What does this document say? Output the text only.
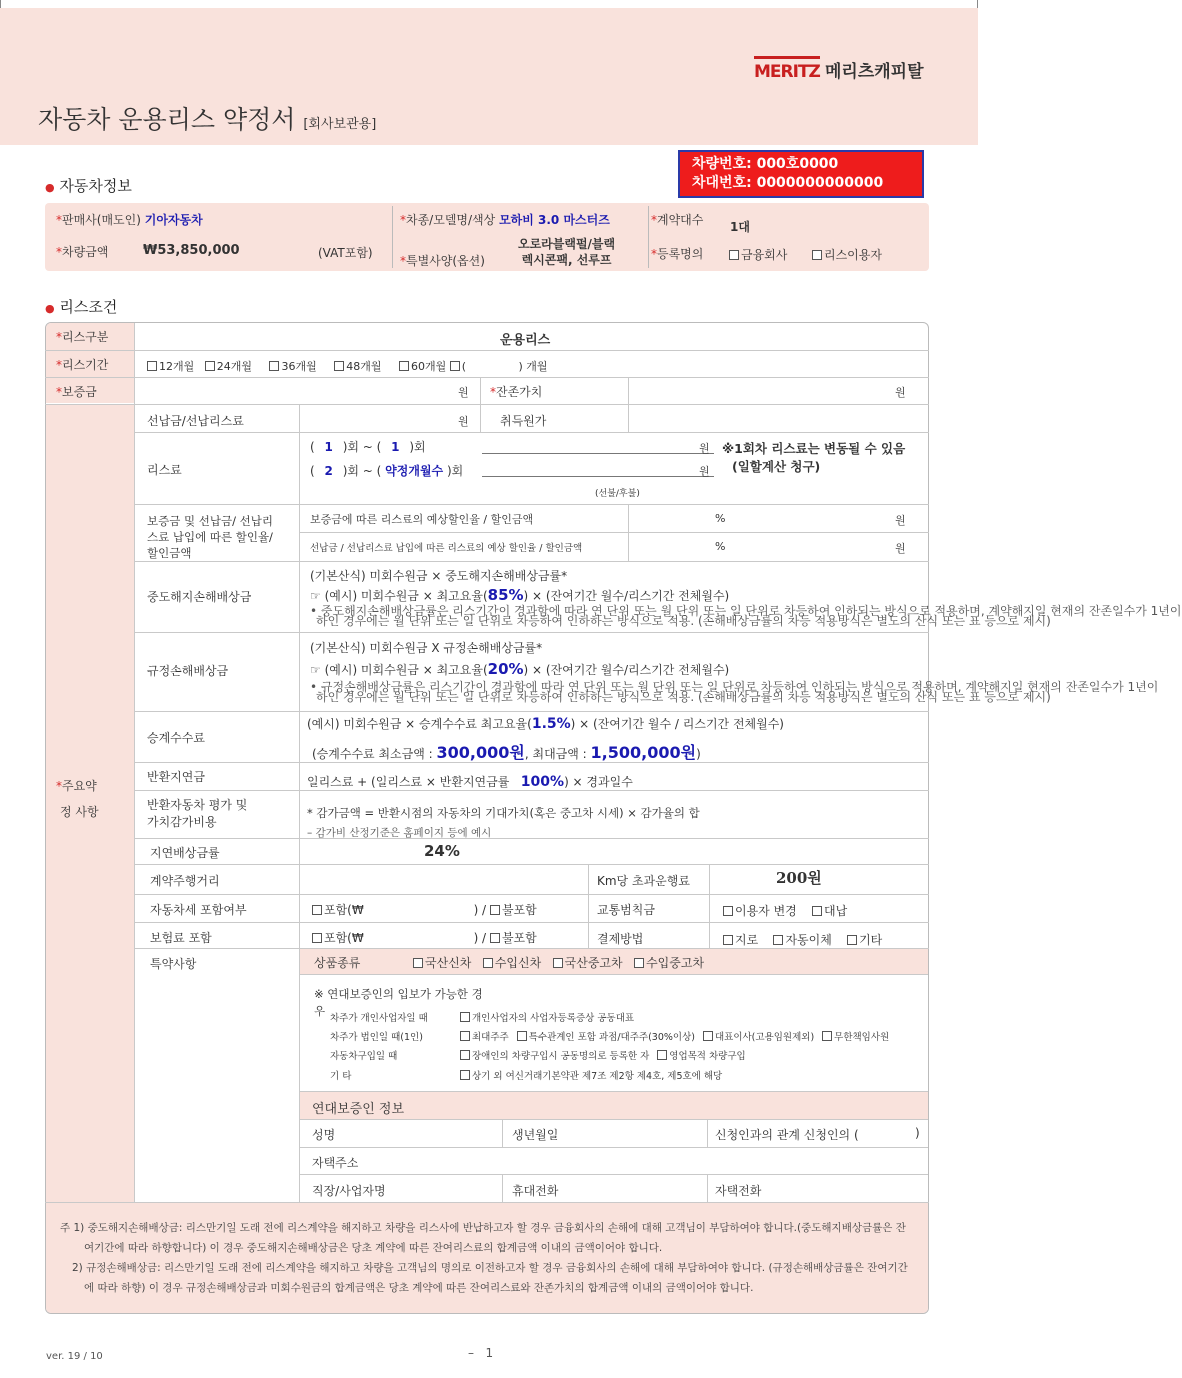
MERITZ 메리츠캐피탈
자동차 운용리스 약정서 [회사보관용]
차량번호: 000호0000
차대번호: 0000000000000
● 자동차정보
*판매사(매도인) 기아자동차
*차량금액	₩53,850,000	(VAT포함)
*차종/모델명/색상 모하비 3.0 마스터즈
*특별사양(옵션)
오로라블랙펄/블랙
렉시콘팩, 선루프
*계약대수 1대
*등록명의	금융회사	리스이용자
● 리스조건
*리스구분	운용리스
*리스기간	12개월 24개월	36개월	48개월	60개월 (	) 개월
*보증금	원 *잔존가치	원
선납금/선납리스료	원	취득원가
*주요약
정 사항
리스료
( 1 )회 ~ ( 1 )회	원
( 2 )회 ~ ( 약정개월수 )회	원
(선불/후불)
※1회차 리스료는 변동될 수 있음
(일할계산 청구)
보증금 및 선납금/ 선납리
스료 납입에 따른 할인율/
할인금액
보증금에 따른 리스료의 예상할인율 / 할인금액	%	원
선납금 / 선납리스료 납입에 따른 리스료의 예상 할인율 / 할인금액	%	원
중도해지손해배상금
(기본산식) 미회수원금 × 중도해지손해배상금률*
☞ (예시) 미회수원금 × 최고요율(85%) × (잔여기간 월수/리스기간 전체월수)
• 중도해지손해배상금률은 리스기간이 경과함에 따라 연 단위 또는 월 단위 또는 일 단위로 차등하여 인하되는 방식으로 적용하며, 계약해지일 현재의 잔존일수가 1년이
하인 경우에는 월 단위 또는 일 단위로 차등하여 인하하는 방식으로 적용. (손해배상금률의 차등 적용방식은 별도의 산식 또는 표 등으로 제시)
규정손해배상금
(기본산식) 미회수원금 X 규정손해배상금률*
☞ (예시) 미회수원금 × 최고요율(20%) × (잔여기간 월수/리스기간 전체월수)
• 규정손해배상금률은 리스기간이 경과함에 따라 연 단위 또는 월 단위 또는 일 단위로 차등하여 인하되는 방식으로 적용하며, 계약해지일 현재의 잔존일수가 1년이
하인 경우에는 월 단위 또는 일 단위로 차등하여 인하하는 방식으로 적용. (손해배상금률의 차등 적용방식은 별도의 산식 또는 표 등으로 제시)
승계수수료
(예시) 미회수원금 × 승계수수료 최고요율(1.5%) × (잔여기간 월수 / 리스기간 전체월수)
(승계수수료 최소금액 : 300,000원, 최대금액 : 1,500,000원)
반환지연금	일리스료 + (일리스료 × 반환지연금률 100%) × 경과일수
반환자동차 평가 및
가치감가비용
* 감가금액 = 반환시점의 자동차의 기대가치(혹은 중고차 시세) × 감가율의 합
– 감가비 산정기준은 홈페이지 등에 예시
지연배상금률	24%
계약주행거리	Km당 초과운행료	200원
자동차세 포함여부	포함(₩	) / 불포함	교통범칙금	이용자 변경 대납
보험료 포함	포함(₩	) / 불포함	결제방법	지로 자동이체 기타
특약사항	상품종류	국산신차 수입신차 국산중고차 수입중고차
※ 연대보증인의 입보가 가능한 경
우
차주가 개인사업자일 때	개인사업자의 사업자등록증상 공동대표
차주가 법인일 때(1인)	최대주주 특수관계인 포함 과점/대주주(30%이상) 대표이사(고용임원제외) 무한책임사원
자동차구입일 때	장애인의 차량구입시 공동명의로 등록한 자 영업목적 차량구입
기 타	상기 외 여신거래기본약관 제7조 제2항 제4호, 제5호에 해당
연대보증인 정보
성명	생년월일	신청인과의 관계 신청인의 (	)
자택주소
직장/사업자명	휴대전화	자택전화
주 1) 중도해지손해배상금: 리스만기일 도래 전에 리스계약을 해지하고 차량을 리스사에 반납하고자 할 경우 금융회사의 손해에 대해 고객님이 부담하여야 합니다.(중도해지배상금률은 잔
여기간에 따라 하향합니다) 이 경우 중도해지손해배상금은 당초 계약에 따른 잔여리스료의 합계금액 이내의 금액이어야 합니다.
2) 규정손해배상금: 리스만기일 도래 전에 리스계약을 해지하고 차량을 고객님의 명의로 이전하고자 할 경우 금융회사의 손해에 대해 부담하여야 합니다. (규정손해배상금률은 잔여기간
에 따라 하향) 이 경우 규정손해배상금과 미회수원금의 합계금액은 당초 계약에 따른 잔여리스료와 잔존가치의 합계금액 이내의 금액이어야 합니다.
ver. 19 / 10	–   1
